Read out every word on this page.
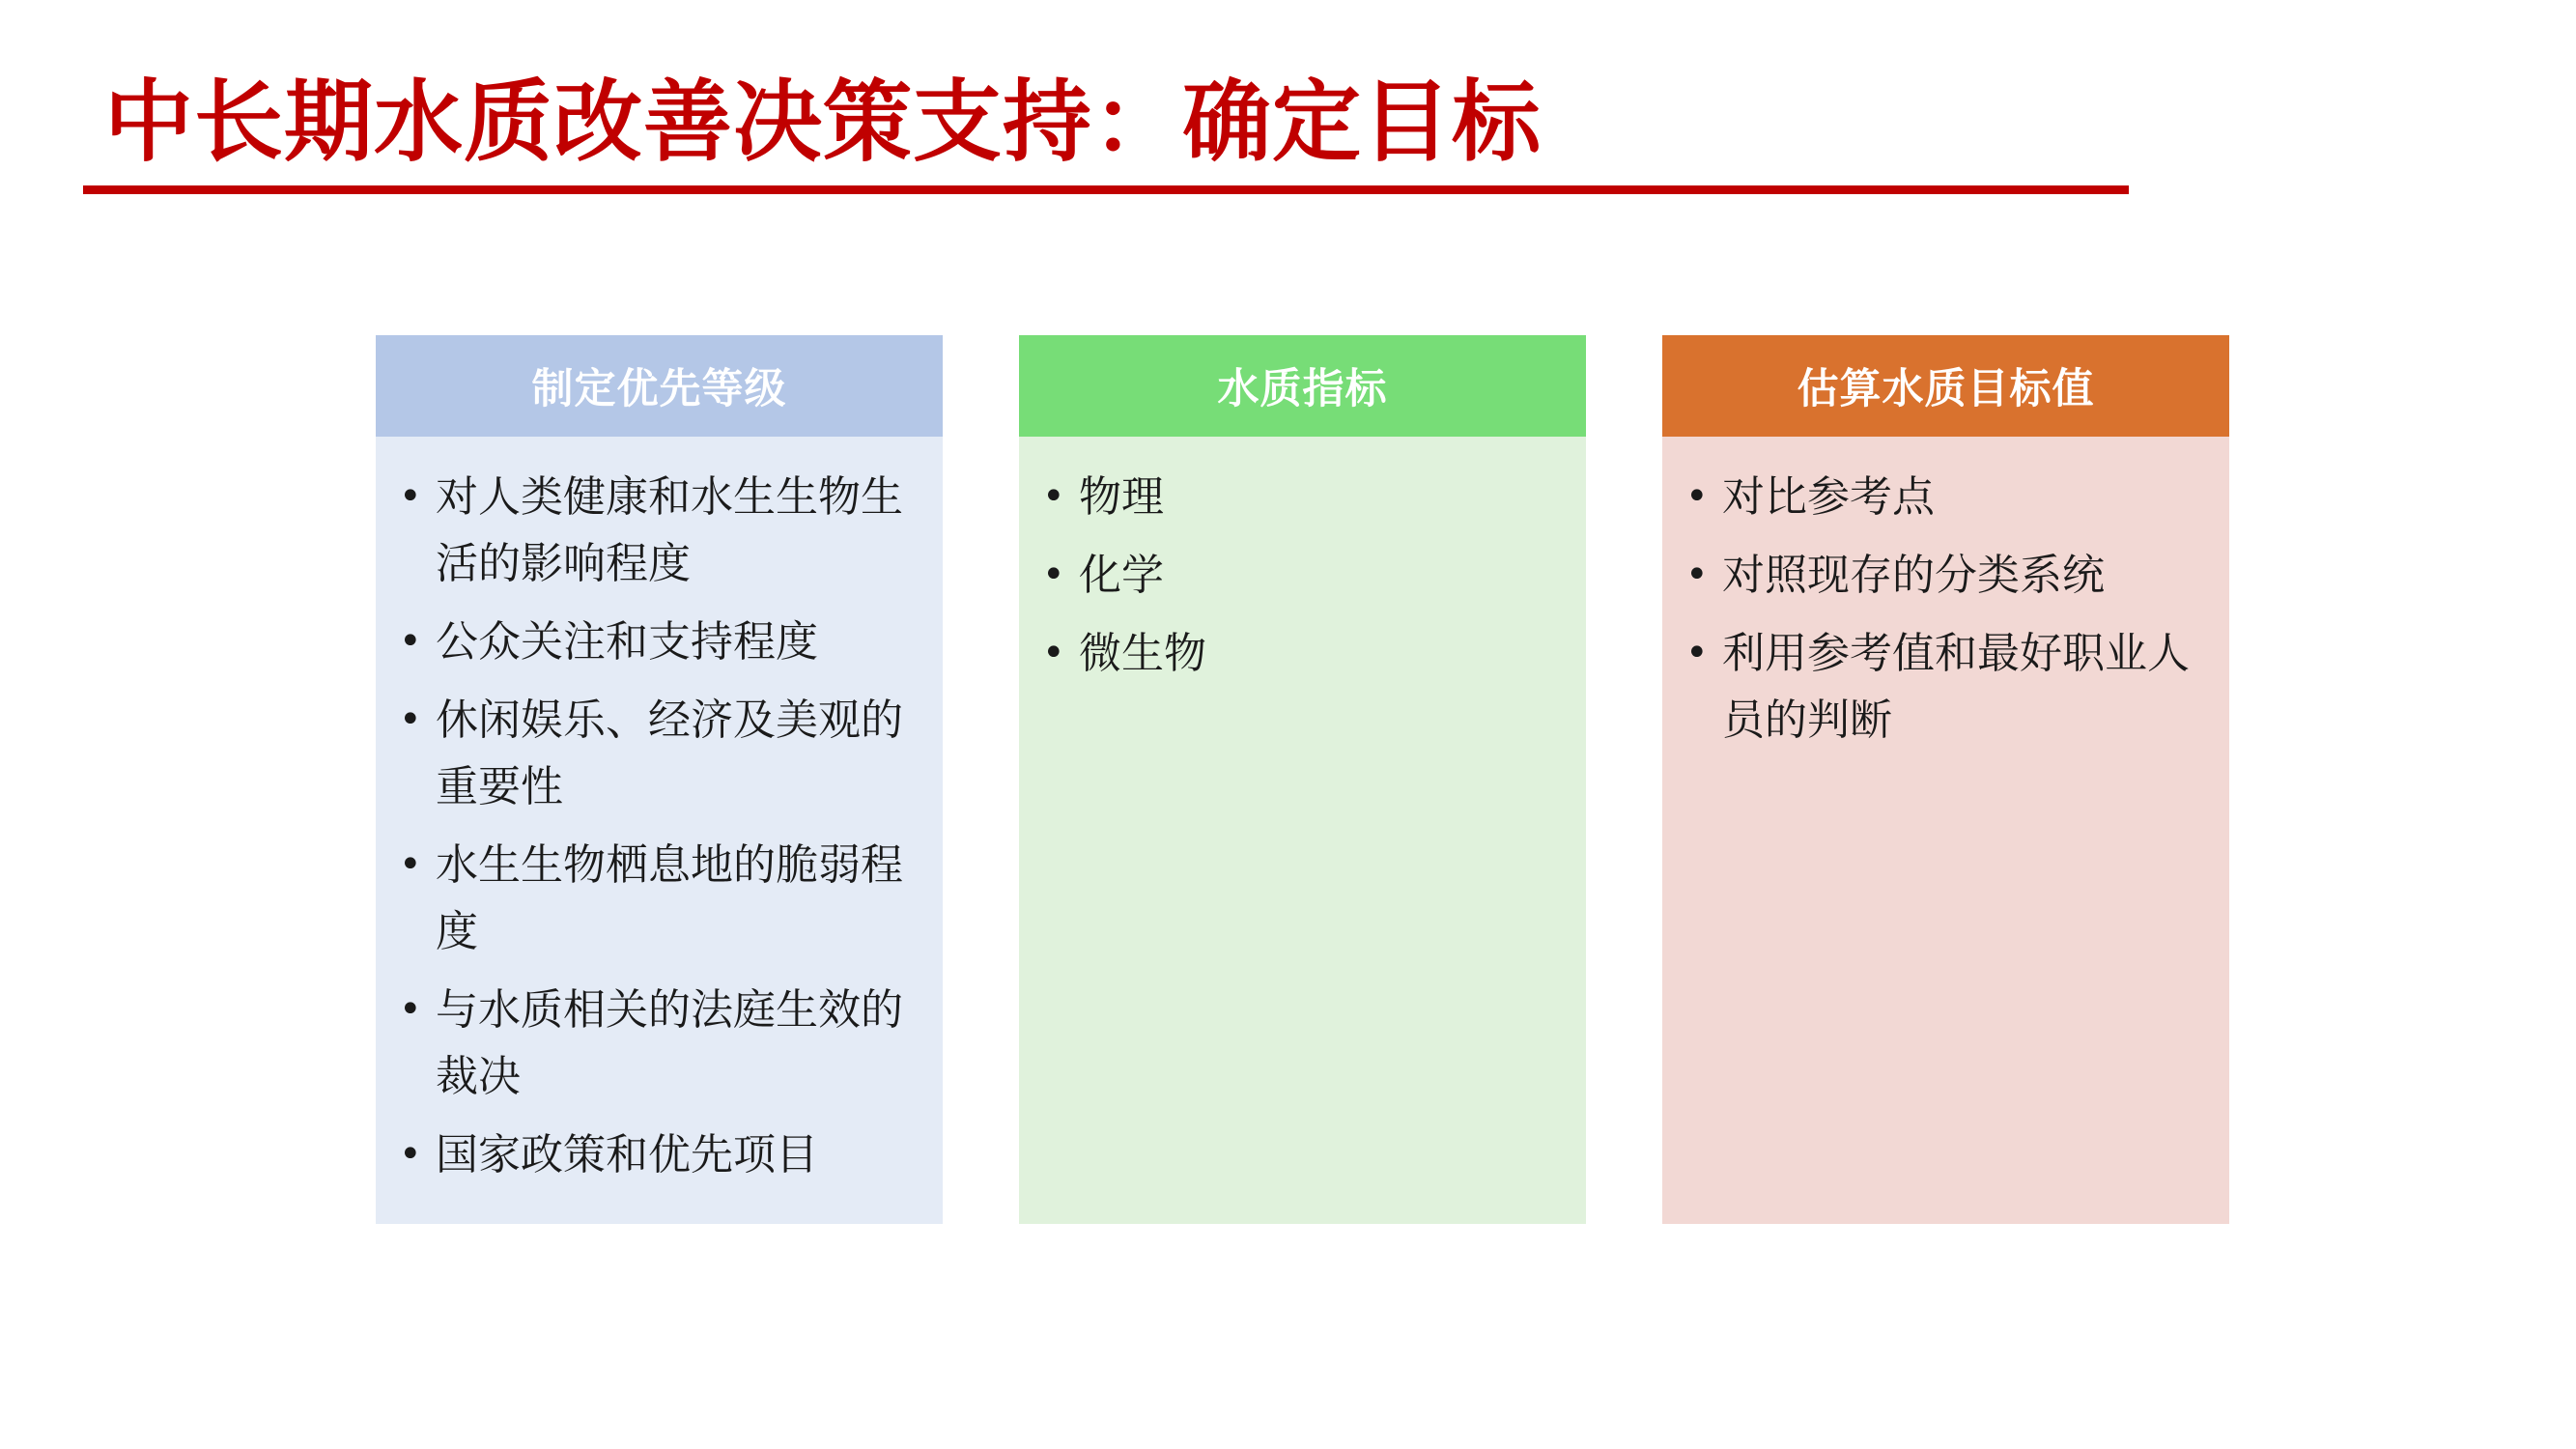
中长期水质改善决策支持：确定目标
制定优先等级
• 对人类健康和水生生物生活的影响程度
• 公众关注和支持程度
• 休闲娱乐、经济及美观的重要性
• 水生生物栖息地的脆弱程度
• 与水质相关的法庭生效的裁决
• 国家政策和优先项目
水质指标
• 物理
• 化学
• 微生物
估算水质目标值
• 对比参考点
• 对照现存的分类系统
• 利用参考值和最好职业人员的判断
